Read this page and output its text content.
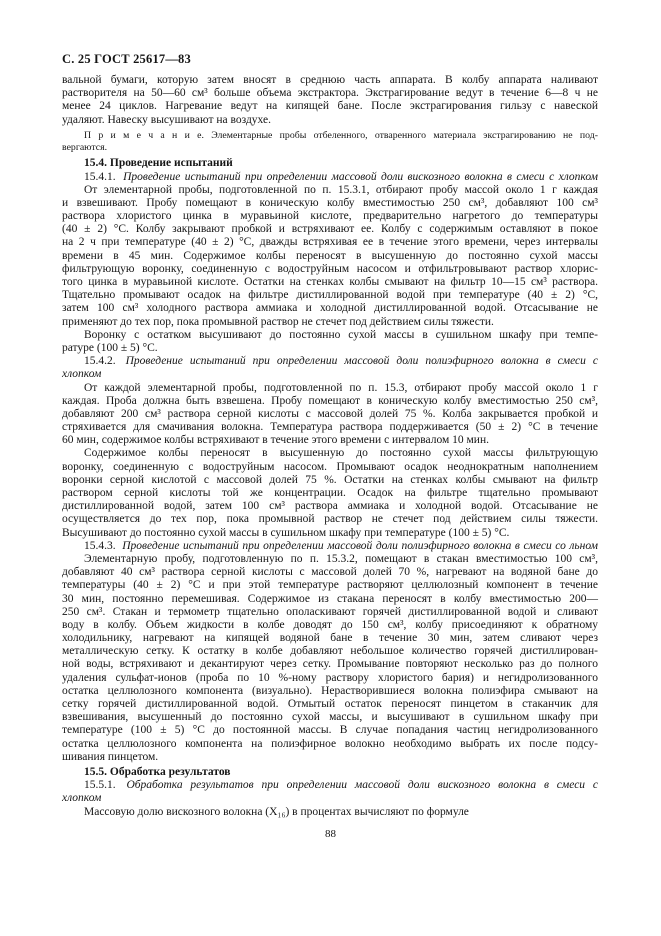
С. 25 ГОСТ 25617—83
вальной бумаги, которую затем вносят в среднюю часть аппарата. В колбу аппарата наливают
растворителя на 50—60 см³ больше объема экстрактора. Экстрагирование ведут в течение 6—8 ч не
менее 24 циклов. Нагревание ведут на кипящей бане. После экстрагирования гильзу с навеской
удаляют. Навеску высушивают на воздухе.
П р и м е ч а н и е. Элементарные пробы отбеленного, отваренного материала экстрагированию не под-
вергаются.
15.4. Проведение испытаний
15.4.1. Проведение испытаний при определении массовой доли вискозного волокна в смеси с хлопком
От элементарной пробы, подготовленной по п. 15.3.1, отбирают пробу массой около 1 г каждая
и взвешивают. Пробу помещают в коническую колбу вместимостью 250 см³, добавляют 100 см³
раствора хлористого цинка в муравьиной кислоте, предварительно нагретого до температуры
(40 ± 2) °С. Колбу закрывают пробкой и встряхивают ее. Колбу с содержимым оставляют в покое
на 2 ч при температуре (40 ± 2) °С, дважды встряхивая ее в течение этого времени, через интервалы
времени в 45 мин. Содержимое колбы переносят в высушенную до постоянно сухой массы
фильтрующую воронку, соединенную с водоструйным насосом и отфильтровывают раствор хлорис-
того цинка в муравьиной кислоте. Остатки на стенках колбы смывают на фильтр 10—15 см³ раствора.
Тщательно промывают осадок на фильтре дистиллированной водой при температуре (40 ± 2) °С,
затем 100 см³ холодного раствора аммиака и холодной дистиллированной водой. Отсасывание не
применяют до тех пор, пока промывной раствор не стечет под действием силы тяжести.
Воронку с остатком высушивают до постоянно сухой массы в сушильном шкафу при темпе-
ратуре (100 ± 5) °С.
15.4.2. Проведение испытаний при определении массовой доли полиэфирного волокна в смеси с
хлопком
От каждой элементарной пробы, подготовленной по п. 15.3, отбирают пробу массой около 1 г
каждая. Проба должна быть взвешена. Пробу помещают в коническую колбу вместимостью 250 см³,
добавляют 200 см³ раствора серной кислоты с массовой долей 75 %. Колба закрывается пробкой и
стряхивается для смачивания волокна. Температура раствора поддерживается (50 ± 2) °С в течение
60 мин, содержимое колбы встряхивают в течение этого времени с интервалом 10 мин.
Содержимое колбы переносят в высушенную до постоянно сухой массы фильтрующую
воронку, соединенную с водоструйным насосом. Промывают осадок неоднократным наполнением
воронки серной кислотой с массовой долей 75 %. Остатки на стенках колбы смывают на фильтр
раствором серной кислоты той же концентрации. Осадок на фильтре тщательно промывают
дистиллированной водой, затем 100 см³ раствора аммиака и холодной водой. Отсасывание не
осуществляется до тех пор, пока промывной раствор не стечет под действием силы тяжести.
Высушивают до постоянно сухой массы в сушильном шкафу при температуре (100 ± 5) °С.
15.4.3. Проведение испытаний при определении массовой доли полиэфирного волокна в смеси со льном
Элементарную пробу, подготовленную по п. 15.3.2, помещают в стакан вместимостью 100 см³,
добавляют 40 см³ раствора серной кислоты с массовой долей 70 %, нагревают на водяной бане до
температуры (40 ± 2) °С и при этой температуре растворяют целлюлозный компонент в течение
30 мин, постоянно перемешивая. Содержимое из стакана переносят в колбу вместимостью 200—
250 см³. Стакан и термометр тщательно ополаскивают горячей дистиллированной водой и сливают
воду в колбу. Объем жидкости в колбе доводят до 150 см³, колбу присоединяют к обратному
холодильнику, нагревают на кипящей водяной бане в течение 30 мин, затем сливают через
металлическую сетку. К остатку в колбе добавляют небольшое количество горячей дистиллирован-
ной воды, встряхивают и декантируют через сетку. Промывание повторяют несколько раз до полного
удаления сульфат-ионов (проба по 10 %-ному раствору хлористого бария) и негидролизованного
остатка целлюлозного компонента (визуально). Нерастворившиеся волокна полиэфира смывают на
сетку горячей дистиллированной водой. Отмытый остаток переносят пинцетом в стаканчик для
взвешивания, высушенный до постоянно сухой массы, и высушивают в сушильном шкафу при
температуре (100 ± 5) °С до постоянной массы. В случае попадания частиц негидролизованного
остатка целлюлозного компонента на полиэфирное волокно необходимо выбрать их после подсу-
шивания пинцетом.
15.5. Обработка результатов
15.5.1. Обработка результатов при определении массовой доли вискозного волокна в смеси с
хлопком
Массовую долю вискозного волокна (X₁₆) в процентах вычисляют по формуле
88
